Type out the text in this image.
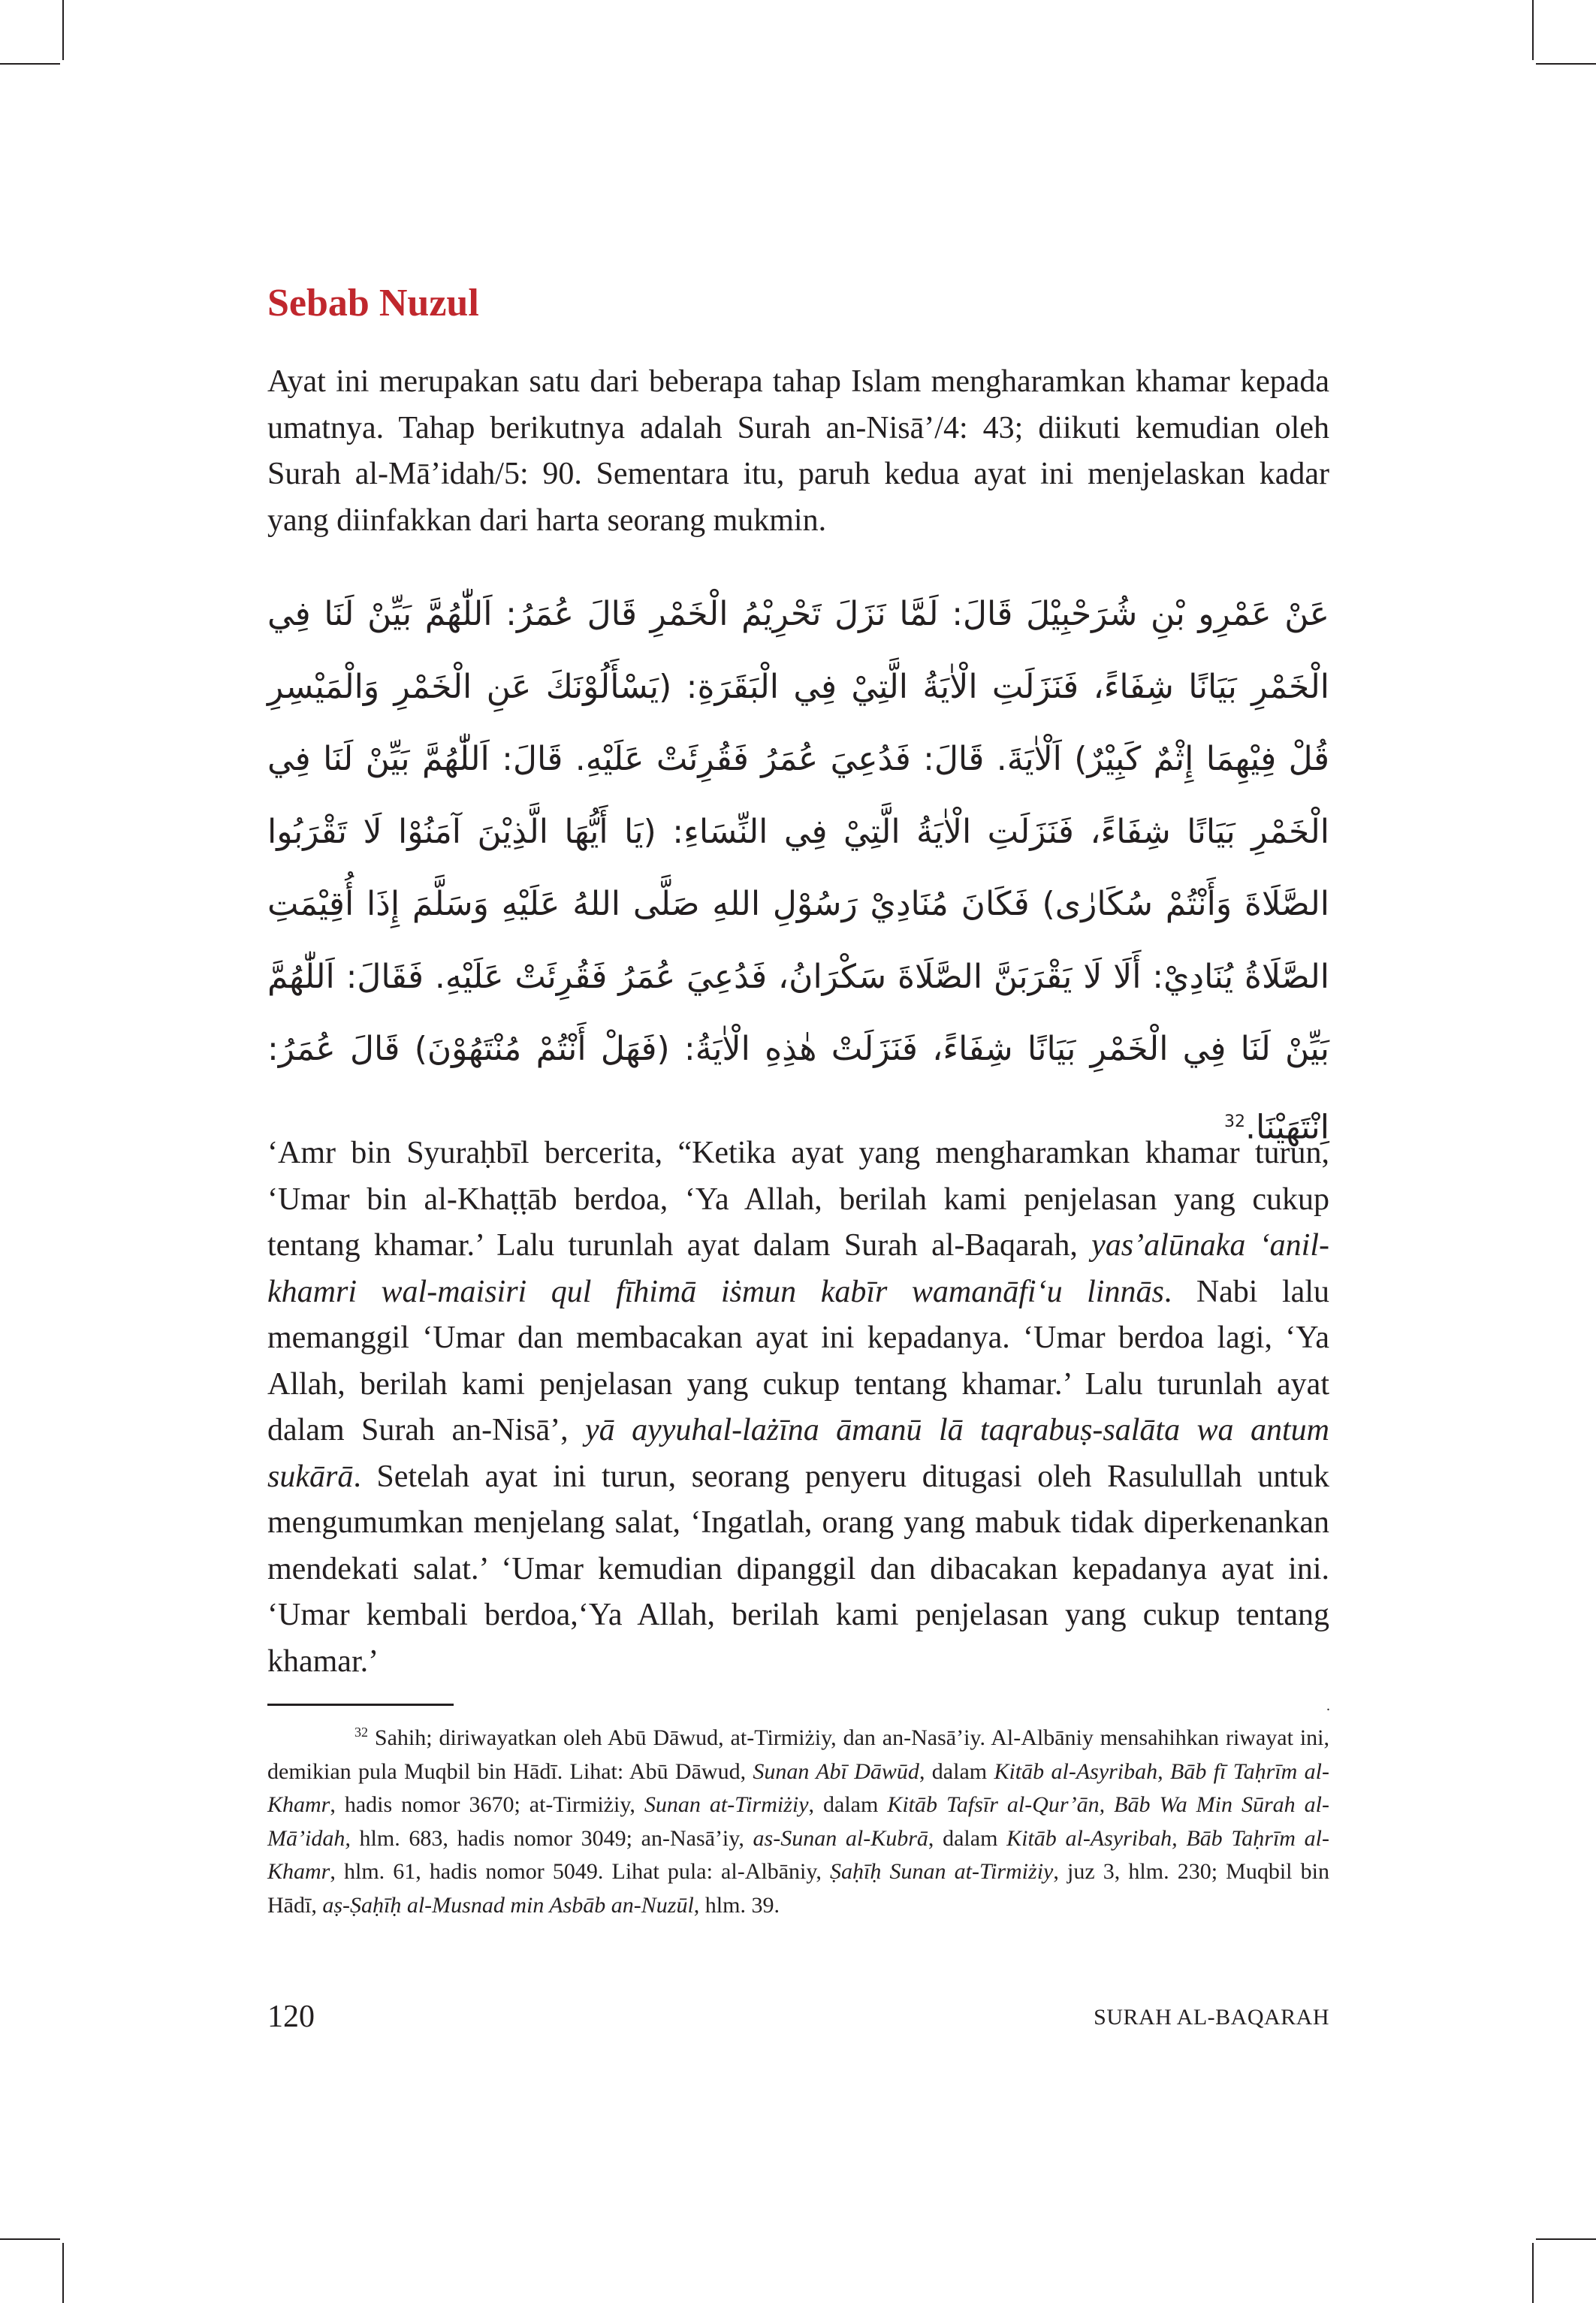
Sebab Nuzul

Ayat ini merupakan satu dari beberapa tahap Islam mengharamkan khamar kepada umatnya. Tahap berikutnya adalah Surah an-Nisā’/4: 43; diikuti kemudian oleh Surah al-Mā’idah/5: 90. Sementara itu, paruh kedua ayat ini menjelaskan kadar yang diinfakkan dari harta seorang mukmin.

عَنْ عَمْرِو بْنِ شُرَحْبِيْلَ قَالَ: لَمَّا نَزَلَ تَحْرِيْمُ الْخَمْرِ قَالَ عُمَرُ: اَللّٰهُمَّ بَيِّنْ لَنَا فِي الْخَمْرِ بَيَانًا شِفَاءً، فَنَزَلَتِ الْاٰيَةُ الَّتِيْ فِي الْبَقَرَةِ: (يَسْأَلُوْنَكَ عَنِ الْخَمْرِ وَالْمَيْسِرِ قُلْ فِيْهِمَا إِثْمٌ كَبِيْرٌ) اَلْاٰيَةَ. قَالَ: فَدُعِيَ عُمَرُ فَقُرِئَتْ عَلَيْهِ. قَالَ: اَللّٰهُمَّ بَيِّنْ لَنَا فِي الْخَمْرِ بَيَانًا شِفَاءً، فَنَزَلَتِ الْاٰيَةُ الَّتِيْ فِي النِّسَاءِ: (يَا أَيُّهَا الَّذِيْنَ آمَنُوْا لَا تَقْرَبُوا الصَّلَاةَ وَأَنْتُمْ سُكَارٰى) فَكَانَ مُنَادِيْ رَسُوْلِ اللهِ صَلَّى اللهُ عَلَيْهِ وَسَلَّمَ إِذَا أُقِيْمَتِ الصَّلَاةُ يُنَادِيْ: أَلَا لَا يَقْرَبَنَّ الصَّلَاةَ سَكْرَانُ، فَدُعِيَ عُمَرُ فَقُرِئَتْ عَلَيْهِ. فَقَالَ: اَللّٰهُمَّ بَيِّنْ لَنَا فِي الْخَمْرِ بَيَانًا شِفَاءً، فَنَزَلَتْ هٰذِهِ الْاٰيَةُ: (فَهَلْ أَنْتُمْ مُنْتَهُوْنَ) قَالَ عُمَرُ: اِنْتَهَيْنَا.$^{32}$

‘Amr bin Syuraḥbīl bercerita, “Ketika ayat yang mengharamkan khamar turun, ‘Umar bin al-Khaṭṭāb berdoa, ‘Ya Allah, berilah kami penjelasan yang cukup tentang khamar.’ Lalu turunlah ayat dalam Surah al-Baqarah, yas’alūnaka ‘anil-khamri wal-maisiri qul fīhimā iṡmun kabīr wamanāfi‘u linnās. Nabi lalu memanggil ‘Umar dan membacakan ayat ini kepadanya. ‘Umar berdoa lagi, ‘Ya Allah, berilah kami penjelasan yang cukup tentang khamar.’ Lalu turunlah ayat dalam Surah an-Nisā’, yā ayyuhal-lażīna āmanū lā taqrabuṣ-salāta wa antum sukārā. Setelah ayat ini turun, seorang penyeru ditugasi oleh Rasulullah untuk mengumumkan menjelang salat, ‘Ingatlah, orang yang mabuk tidak diperkenankan mendekati salat.’ ‘Umar kemudian dipanggil dan dibacakan kepadanya ayat ini. ‘Umar kembali berdoa,‘Ya Allah, berilah kami penjelasan yang cukup tentang khamar.’

.

$^{32}$ Sahih; diriwayatkan oleh Abū Dāwud, at-Tirmiżiy, dan an-Nasā’iy. Al-Albāniy mensahihkan riwayat ini, demikian pula Muqbil bin Hādī. Lihat: Abū Dāwud, Sunan Abī Dāwūd, dalam Kitāb al-Asyribah, Bāb fī Taḥrīm al-Khamr, hadis nomor 3670; at-Tirmiżiy, Sunan at-Tirmiżiy, dalam Kitāb Tafsīr al-Qur’ān, Bāb Wa Min Sūrah al-Mā’idah, hlm. 683, hadis nomor 3049; an-Nasā’iy, as-Sunan al-Kubrā, dalam Kitāb al-Asyribah, Bāb Taḥrīm al-Khamr, hlm. 61, hadis nomor 5049. Lihat pula: al-Albāniy, Ṣaḥīḥ Sunan at-Tirmiżiy, juz 3, hlm. 230; Muqbil bin Hādī, aṣ-Ṣaḥīḥ al-Musnad min Asbāb an-Nuzūl, hlm. 39.

120	SURAH AL-BAQARAH
